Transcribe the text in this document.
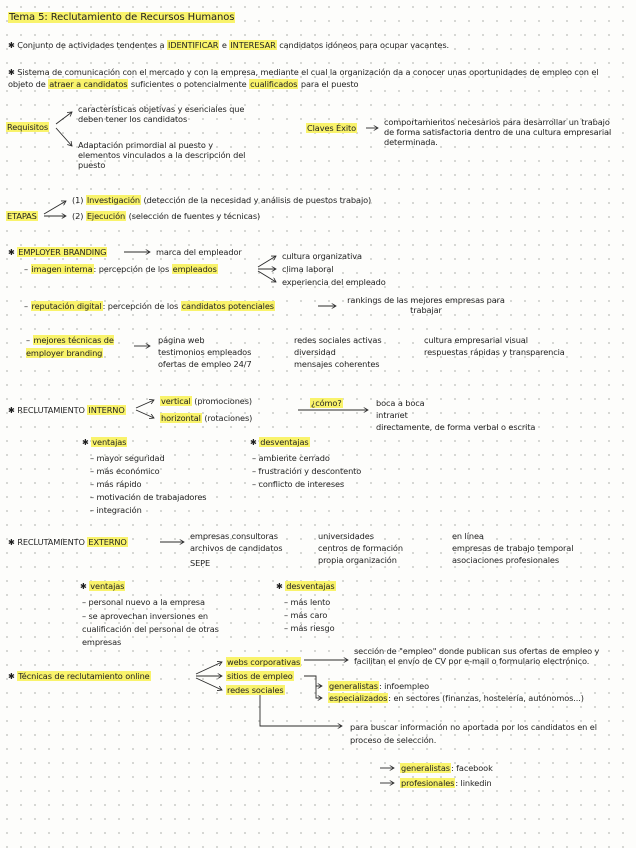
Tema 5: Reclutamiento de Recursos Humanos
✱ Conjunto de actividades tendentes a IDENTIFICAR e INTERESAR candidatos idóneos para ocupar vacantes.
✱ Sistema de comunicación con el mercado y con la empresa, mediante el cual la organización da a conocer unas oportunidades de empleo con el objeto de atraer a candidatos suficientes o potencialmente cualificados para el puesto
Requisitos
características objetivas y esenciales que deben tener los candidatos
Adaptación primordial al puesto y elementos vinculados a la descripción del puesto
Claves Éxito
comportamientos necesarios para desarrollar un trabajo de forma satisfactoria dentro de una cultura empresarial determinada.
ETAPAS
(1) Investigación (detección de la necesidad y análisis de puestos trabajo)
(2) Ejecución (selección de fuentes y técnicas)
✱ EMPLOYER BRANDING	marca del empleador
– imagen interna: percepción de los empleados
cultura organizativa
clima laboral
experiencia del empleado
– reputación digital: percepción de los candidatos potenciales
rankings de las mejores empresas para trabajar
– mejores técnicas de employer branding
página web
testimonios empleados
ofertas de empleo 24/7
redes sociales activas
diversidad
mensajes coherentes
cultura empresarial visual
respuestas rápidas y transparencia
✱ RECLUTAMIENTO INTERNO
vertical (promociones)
horizontal (rotaciones)
¿cómo?	boca a boca
intranet
directamente, de forma verbal o escrita
✱ ventajas
– mayor seguridad
– más económico
– más rápido
– motivación de trabajadores
– integración
✱ desventajas
– ambiente cerrado
– frustración y descontento
– conflicto de intereses
✱ RECLUTAMIENTO EXTERNO
empresas consultoras
archivos de candidatos
SEPE
universidades
centros de formación
propia organización
en línea
empresas de trabajo temporal
asociaciones profesionales
✱ ventajas
– personal nuevo a la empresa
– se aprovechan inversiones en cualificación del personal de otras empresas
✱ desventajas
– más lento
– más caro
– más riesgo
✱ Técnicas de reclutamiento online
webs corporativas
sitios de empleo
redes sociales
sección de "empleo" donde publican sus ofertas de empleo y facilitan el envío de CV por e-mail o formulario electrónico.
generalistas: infoempleo
especializados: en sectores (finanzas, hostelería, autónomos...)
para buscar información no aportada por los candidatos en el proceso de selección.
generalistas: facebook
profesionales: linkedin
